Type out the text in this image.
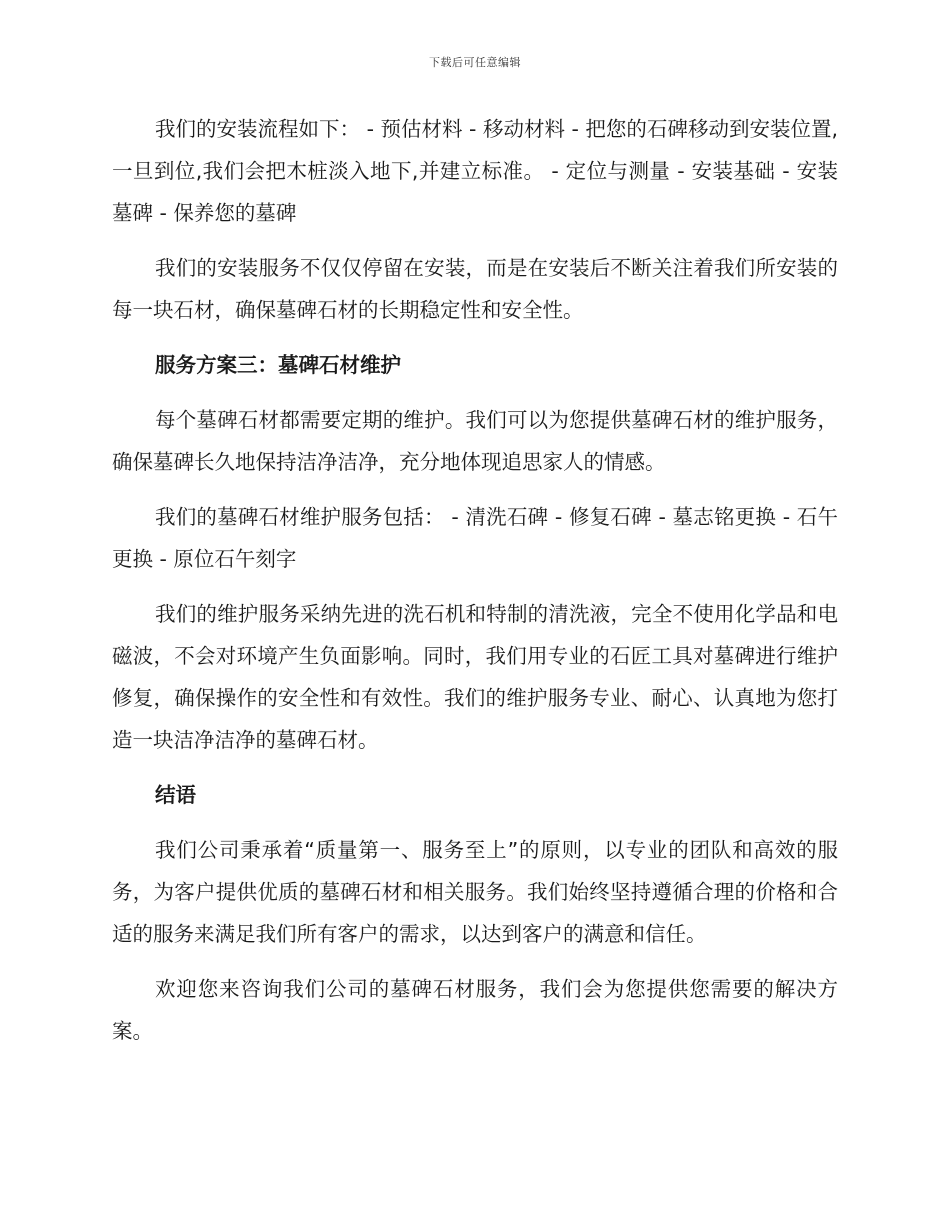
下载后可任意编辑

我们的安装流程如下： - 预估材料 - 移动材料 - 把您的石碑移动到安装位置,一旦到位,我们会把木桩淡入地下,并建立标准。 - 定位与测量 - 安装基础 - 安装墓碑 - 保养您的墓碑

我们的安装服务不仅仅停留在安装，而是在安装后不断关注着我们所安装的每一块石材，确保墓碑石材的长期稳定性和安全性。

服务方案三：墓碑石材维护

每个墓碑石材都需要定期的维护。我们可以为您提供墓碑石材的维护服务，确保墓碑长久地保持洁净洁净，充分地体现追思家人的情感。

我们的墓碑石材维护服务包括： - 清洗石碑 - 修复石碑 - 墓志铭更换 - 石午更换 - 原位石午刻字

我们的维护服务采纳先进的洗石机和特制的清洗液，完全不使用化学品和电磁波，不会对环境产生负面影响。同时，我们用专业的石匠工具对墓碑进行维护修复，确保操作的安全性和有效性。我们的维护服务专业、耐心、认真地为您打造一块洁净洁净的墓碑石材。

结语

我们公司秉承着“质量第一、服务至上”的原则，以专业的团队和高效的服务，为客户提供优质的墓碑石材和相关服务。我们始终坚持遵循合理的价格和合适的服务来满足我们所有客户的需求，以达到客户的满意和信任。

欢迎您来咨询我们公司的墓碑石材服务，我们会为您提供您需要的解决方案。
